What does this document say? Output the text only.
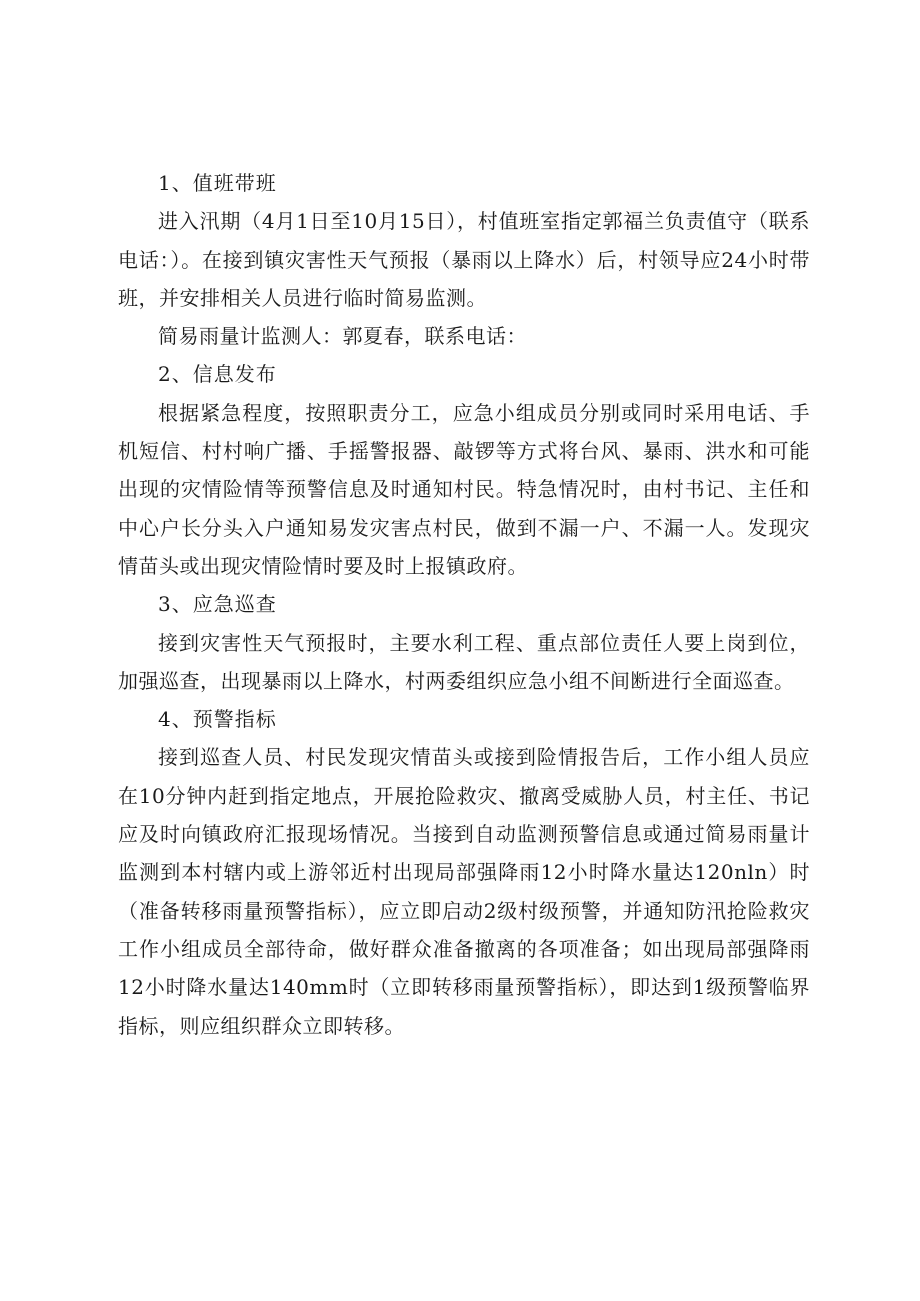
1、值班带班

进入汛期（4月1日至10月15日），村值班室指定郭福兰负责值守（联系电话：）。在接到镇灾害性天气预报（暴雨以上降水）后，村领导应24小时带班，并安排相关人员进行临时简易监测。

简易雨量计监测人：郭夏春，联系电话：

2、信息发布

根据紧急程度，按照职责分工，应急小组成员分别或同时采用电话、手机短信、村村响广播、手摇警报器、敲锣等方式将台风、暴雨、洪水和可能出现的灾情险情等预警信息及时通知村民。特急情况时，由村书记、主任和中心户长分头入户通知易发灾害点村民，做到不漏一户、不漏一人。发现灾情苗头或出现灾情险情时要及时上报镇政府。

3、应急巡查

接到灾害性天气预报时，主要水利工程、重点部位责任人要上岗到位，加强巡查，出现暴雨以上降水，村两委组织应急小组不间断进行全面巡查。

4、预警指标

接到巡查人员、村民发现灾情苗头或接到险情报告后，工作小组人员应在10分钟内赶到指定地点，开展抢险救灾、撤离受威胁人员，村主任、书记应及时向镇政府汇报现场情况。当接到自动监测预警信息或通过简易雨量计监测到本村辖内或上游邻近村出现局部强降雨12小时降水量达120nln）时（准备转移雨量预警指标），应立即启动2级村级预警，并通知防汛抢险救灾工作小组成员全部待命，做好群众准备撤离的各项准备；如出现局部强降雨12小时降水量达140mm时（立即转移雨量预警指标），即达到1级预警临界指标，则应组织群众立即转移。
